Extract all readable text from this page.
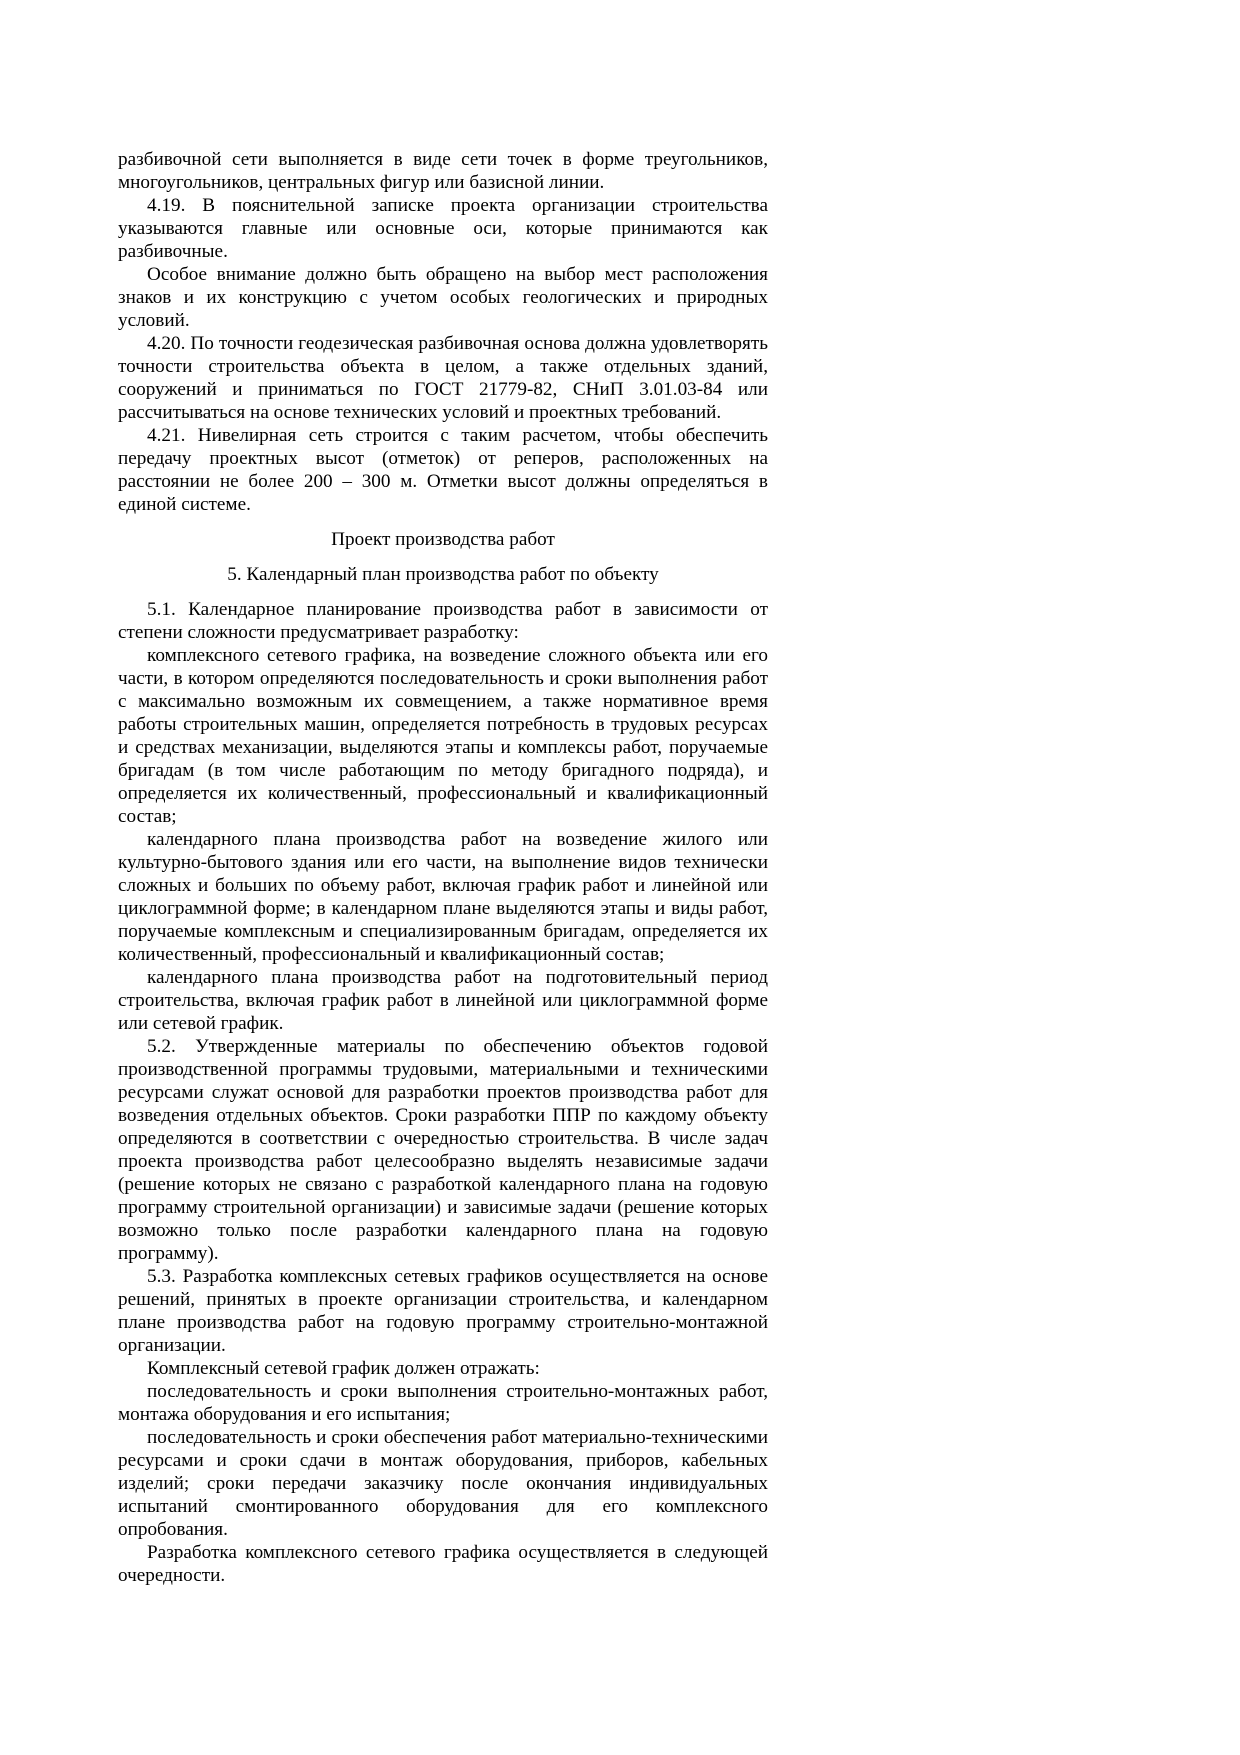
разбивочной сети выполняется в виде сети точек в форме треугольников, многоугольников, центральных фигур или базисной линии.

4.19. В пояснительной записке проекта организации строительства указываются главные или основные оси, которые принимаются как разбивочные.

Особое внимание должно быть обращено на выбор мест расположения знаков и их конструкцию с учетом особых геологических и природных условий.

4.20. По точности геодезическая разбивочная основа должна удовлетворять точности строительства объекта в целом, а также отдельных зданий, сооружений и приниматься по ГОСТ 21779-82, СНиП 3.01.03-84 или рассчитываться на основе технических условий и проектных требований.

4.21. Нивелирная сеть строится с таким расчетом, чтобы обеспечить передачу проектных высот (отметок) от реперов, расположенных на расстоянии не более 200 – 300 м. Отметки высот должны определяться в единой системе.

Проект производства работ

5. Календарный план производства работ по объекту

5.1. Календарное планирование производства работ в зависимости от степени сложности предусматривает разработку:

комплексного сетевого графика, на возведение сложного объекта или его части, в котором определяются последовательность и сроки выполнения работ с максимально возможным их совмещением, а также нормативное время работы строительных машин, определяется потребность в трудовых ресурсах и средствах механизации, выделяются этапы и комплексы работ, поручаемые бригадам (в том числе работающим по методу бригадного подряда), и определяется их количественный, профессиональный и квалификационный состав;

календарного плана производства работ на возведение жилого или культурно-бытового здания или его части, на выполнение видов технически сложных и больших по объему работ, включая график работ и линейной или циклограммной форме; в календарном плане выделяются этапы и виды работ, поручаемые комплексным и специализированным бригадам, определяется их количественный, профессиональный и квалификационный состав;

календарного плана производства работ на подготовительный период строительства, включая график работ в линейной или циклограммной форме или сетевой график.

5.2. Утвержденные материалы по обеспечению объектов годовой производственной программы трудовыми, материальными и техническими ресурсами служат основой для разработки проектов производства работ для возведения отдельных объектов. Сроки разработки ППР по каждому объекту определяются в соответствии с очередностью строительства. В числе задач проекта производства работ целесообразно выделять независимые задачи (решение которых не связано с разработкой календарного плана на годовую программу строительной организации) и зависимые задачи (решение которых возможно только после разработки календарного плана на годовую программу).

5.3. Разработка комплексных сетевых графиков осуществляется на основе решений, принятых в проекте организации строительства, и календарном плане производства работ на годовую программу строительно-монтажной организации.

Комплексный сетевой график должен отражать:

последовательность и сроки выполнения строительно-монтажных работ, монтажа оборудования и его испытания;

последовательность и сроки обеспечения работ материально-техническими ресурсами и сроки сдачи в монтаж оборудования, приборов, кабельных изделий; сроки передачи заказчику после окончания индивидуальных испытаний смонтированного оборудования для его комплексного опробования.

Разработка комплексного сетевого графика осуществляется в следующей очередности.
